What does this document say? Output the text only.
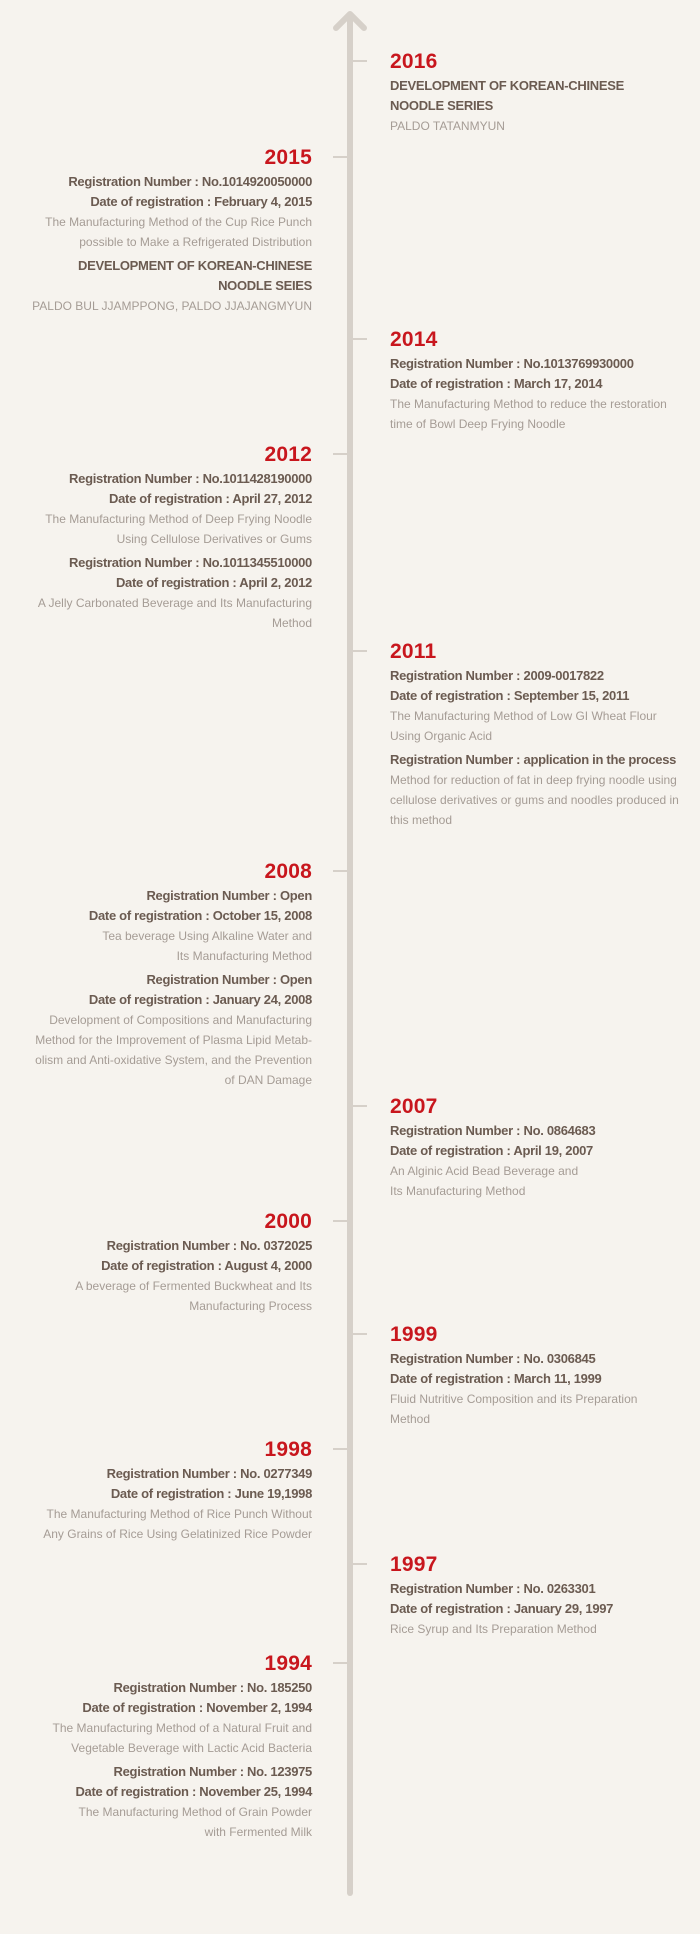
2016
DEVELOPMENT OF KOREAN-CHINESE
NOODLE SERIES
PALDO TATANMYUN
2015
Registration Number : No.1014920050000
Date of registration : February 4, 2015
The Manufacturing Method of the Cup Rice Punch
possible to Make a Refrigerated Distribution
DEVELOPMENT OF KOREAN-CHINESE
NOODLE SEIES
PALDO BUL JJAMPPONG, PALDO JJAJANGMYUN
2014
Registration Number : No.1013769930000
Date of registration : March 17, 2014
The Manufacturing Method to reduce the restoration
time of Bowl Deep Frying Noodle
2012
Registration Number : No.1011428190000
Date of registration : April 27, 2012
The Manufacturing Method of Deep Frying Noodle
Using Cellulose Derivatives or Gums
Registration Number : No.1011345510000
Date of registration : April 2, 2012
A Jelly Carbonated Beverage and Its Manufacturing
Method
2011
Registration Number : 2009-0017822
Date of registration : September 15, 2011
The Manufacturing Method of Low GI Wheat Flour
Using Organic Acid
Registration Number : application in the process
Method for reduction of fat in deep frying noodle using
cellulose derivatives or gums and noodles produced in
this method
2008
Registration Number : Open
Date of registration : October 15, 2008
Tea beverage Using Alkaline Water and
Its Manufacturing Method
Registration Number : Open
Date of registration : January 24, 2008
Development of Compositions and Manufacturing
Method for the Improvement of Plasma Lipid Metab-
olism and Anti-oxidative System, and the Prevention
of DAN Damage
2007
Registration Number : No. 0864683
Date of registration : April 19, 2007
An Alginic Acid Bead Beverage and
Its Manufacturing Method
2000
Registration Number : No. 0372025
Date of registration : August 4, 2000
A beverage of Fermented Buckwheat and Its
Manufacturing Process
1999
Registration Number : No. 0306845
Date of registration : March 11, 1999
Fluid Nutritive Composition and its Preparation
Method
1998
Registration Number : No. 0277349
Date of registration : June 19,1998
The Manufacturing Method of Rice Punch Without
Any Grains of Rice Using Gelatinized Rice Powder
1997
Registration Number : No. 0263301
Date of registration : January 29, 1997
Rice Syrup and Its Preparation Method
1994
Registration Number : No. 185250
Date of registration : November 2, 1994
The Manufacturing Method of a Natural Fruit and
Vegetable Beverage with Lactic Acid Bacteria
Registration Number : No. 123975
Date of registration : November 25, 1994
The Manufacturing Method of Grain Powder
with Fermented Milk
